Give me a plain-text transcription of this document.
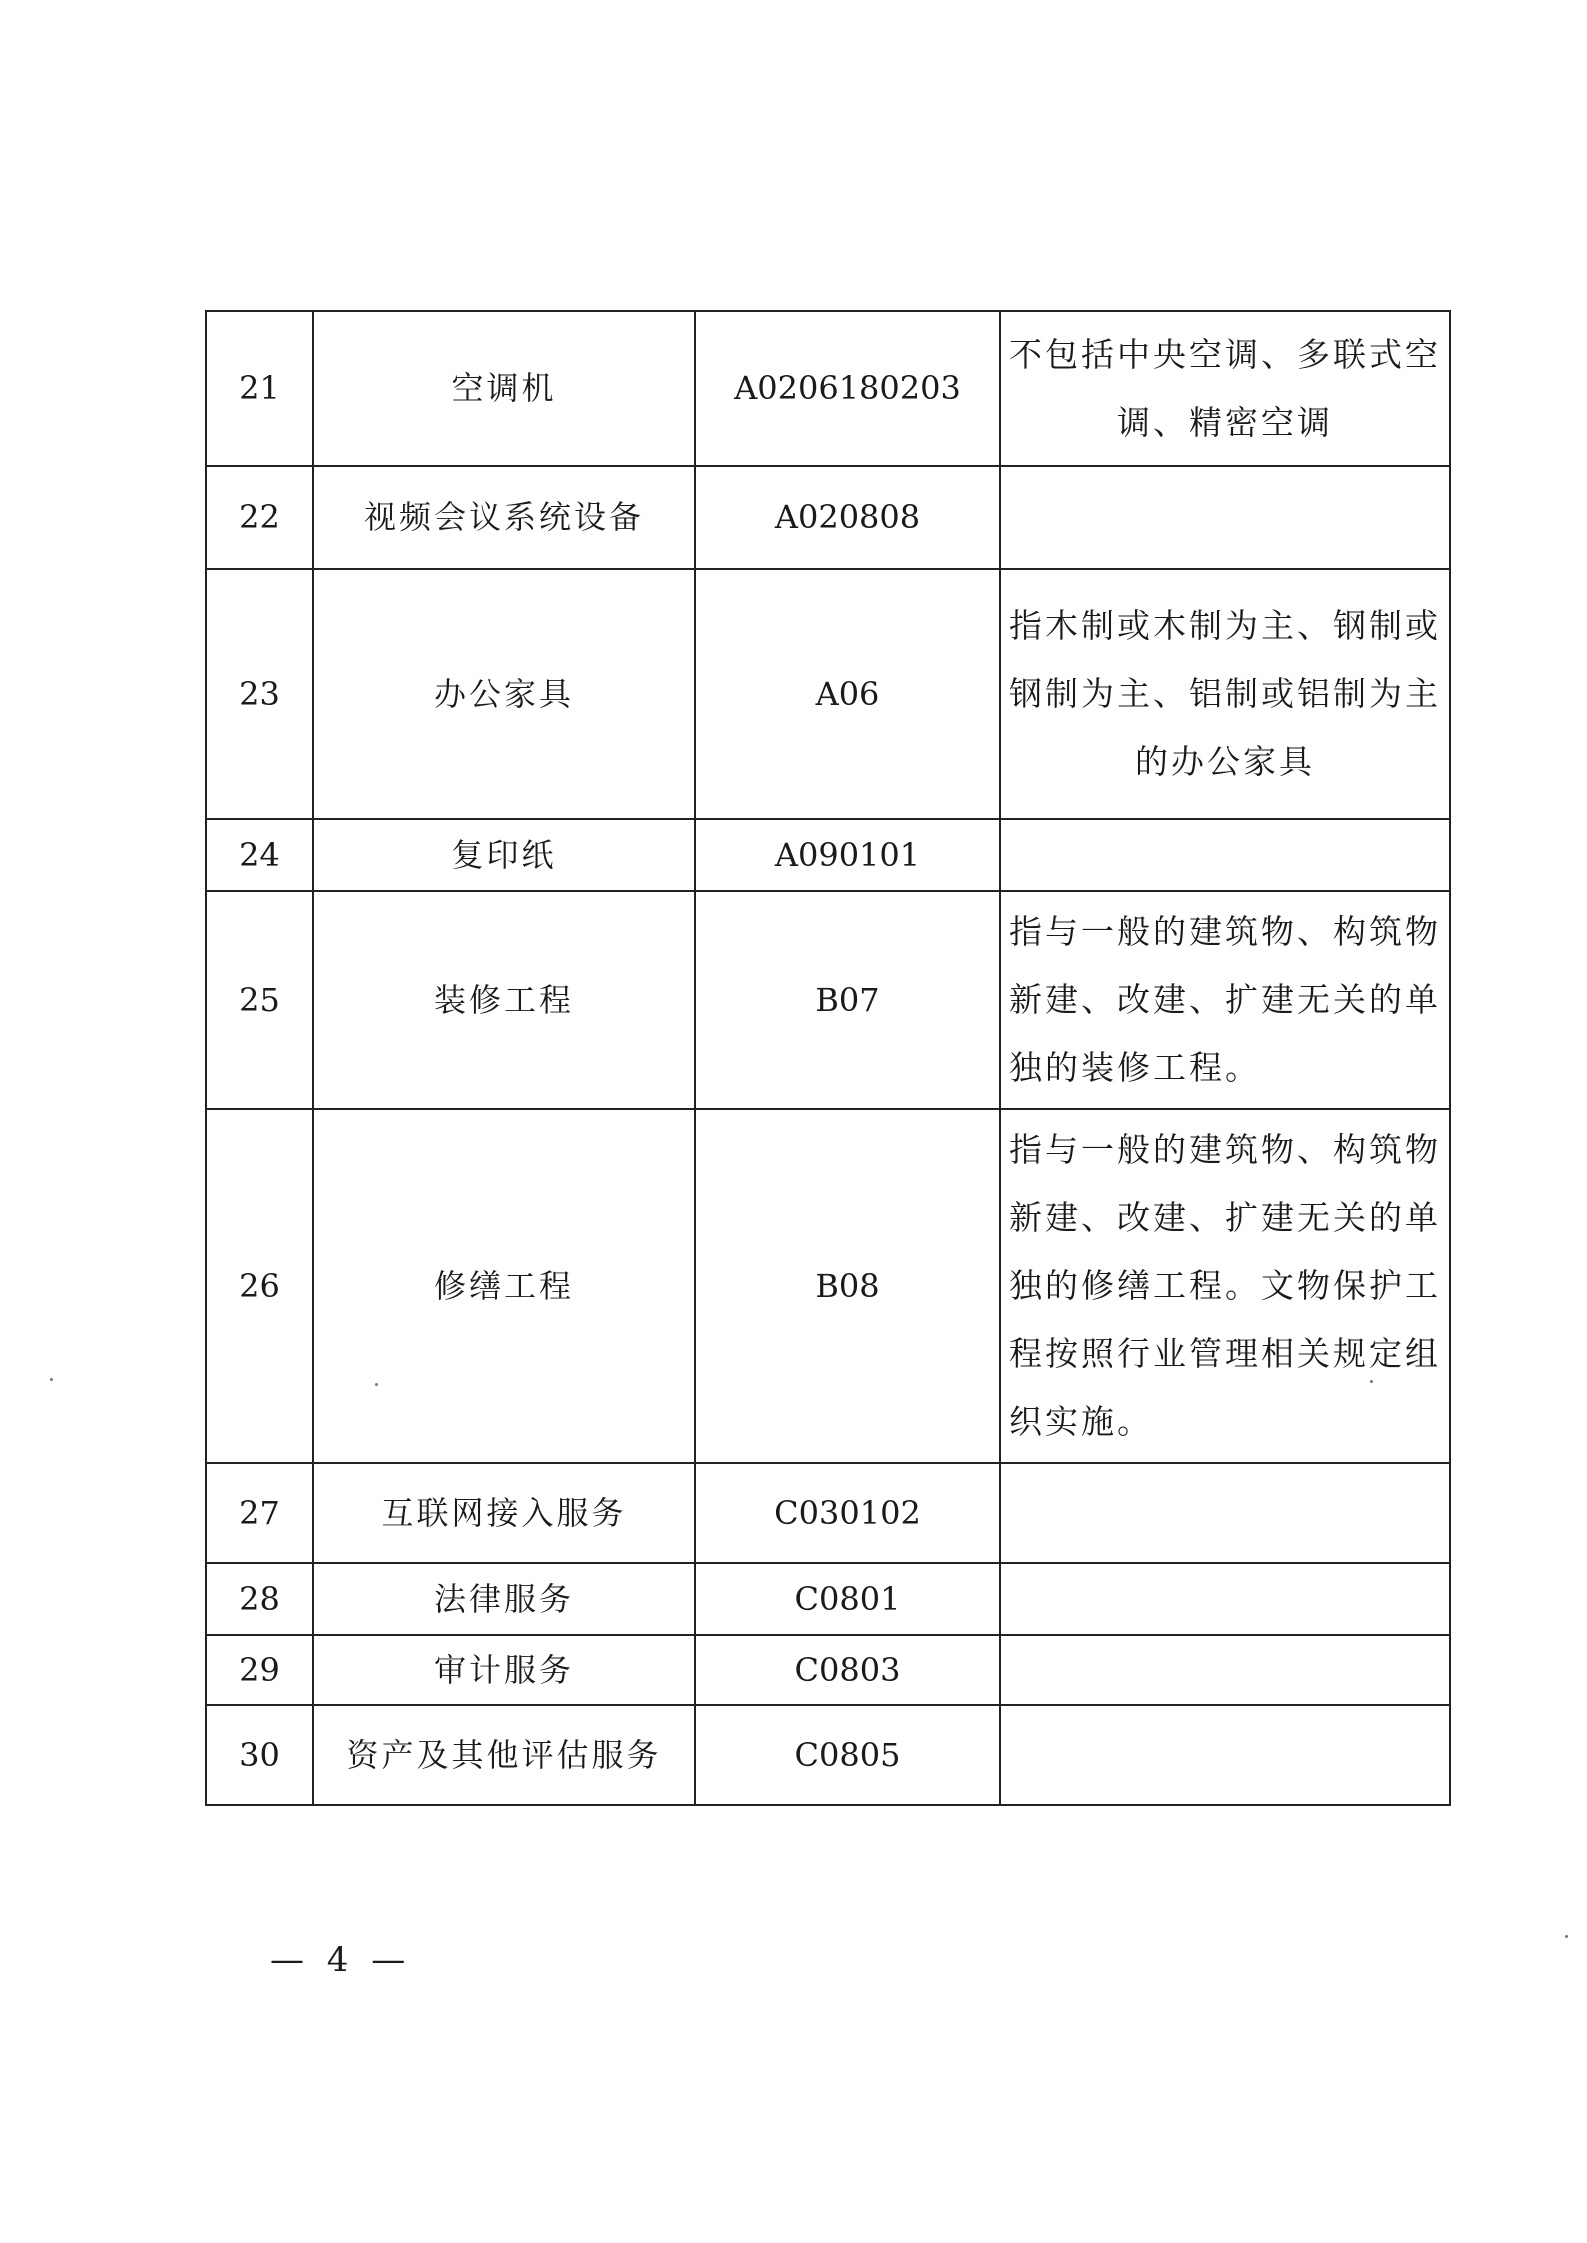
21	空调机	A0206180203	不包括中央空调、多联式空调、精密空调

22	视频会议系统设备	A020808	

23	办公家具	A06	指木制或木制为主、钢制或钢制为主、铝制或铝制为主的办公家具

24	复印纸	A090101	

25	装修工程	B07	指与一般的建筑物、构筑物新建、改建、扩建无关的单独的装修工程。

26	修缮工程	B08	指与一般的建筑物、构筑物新建、改建、扩建无关的单独的修缮工程。文物保护工程按照行业管理相关规定组织实施。

27	互联网接入服务	C030102	

28	法律服务	C0801	

29	审计服务	C0803	

30	资产及其他评估服务	C0805	
— 4 —
